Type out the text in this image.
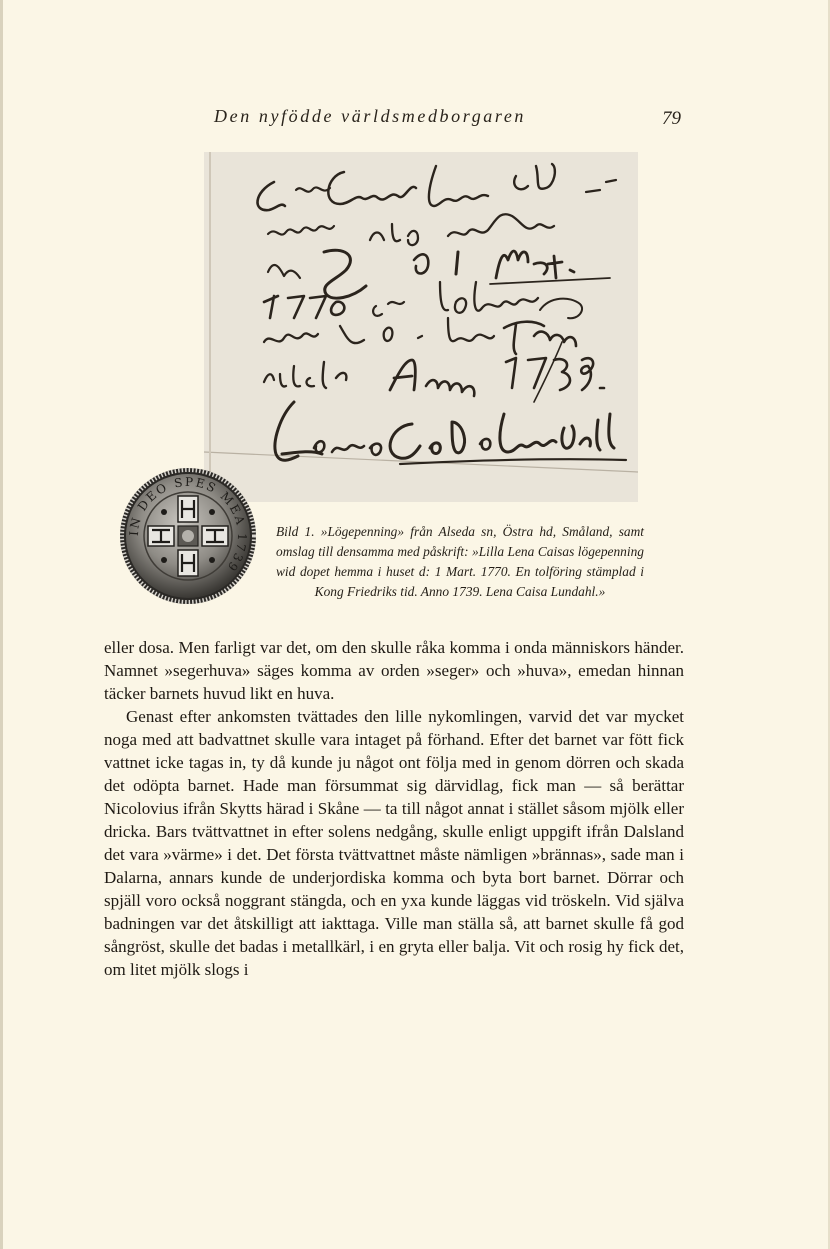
Den nyfödde världsmedborgaren	79
IN DEO SPES MEA 1739
Bild 1. »Lögepenning» från Alseda sn, Östra hd, Småland, samt omslag till densamma med påskrift: »Lilla Lena Caisas lögepenning wid dopet hemma i huset d: 1 Mart. 1770. En tolföring stämplad i Kong Friedriks tid. Anno 1739. Lena Caisa Lundahl.»

eller dosa. Men farligt var det, om den skulle råka komma i onda människors händer. Namnet »segerhuva» säges komma av orden »seger» och »huva», emedan hinnan täcker barnets huvud likt en huva.

Genast efter ankomsten tvättades den lille nykomlingen, varvid det var mycket noga med att badvattnet skulle vara intaget på förhand. Efter det barnet var fött fick vattnet icke tagas in, ty då kunde ju något ont följa med in genom dörren och skada det odöpta barnet. Hade man försummat sig därvidlag, fick man — så berättar Nicolovius ifrån Skytts härad i Skåne — ta till något annat i stället såsom mjölk eller dricka. Bars tvättvattnet in efter solens nedgång, skulle enligt uppgift ifrån Dalsland det vara »värme» i det. Det första tvättvattnet måste nämligen »brännas», sade man i Dalarna, annars kunde de underjordiska komma och byta bort barnet. Dörrar och spjäll voro också noggrant stängda, och en yxa kunde läggas vid tröskeln. Vid själva badningen var det åtskilligt att iakttaga. Ville man ställa så, att barnet skulle få god sångröst, skulle det badas i metallkärl, i en gryta eller balja. Vit och rosig hy fick det, om litet mjölk slogs i
